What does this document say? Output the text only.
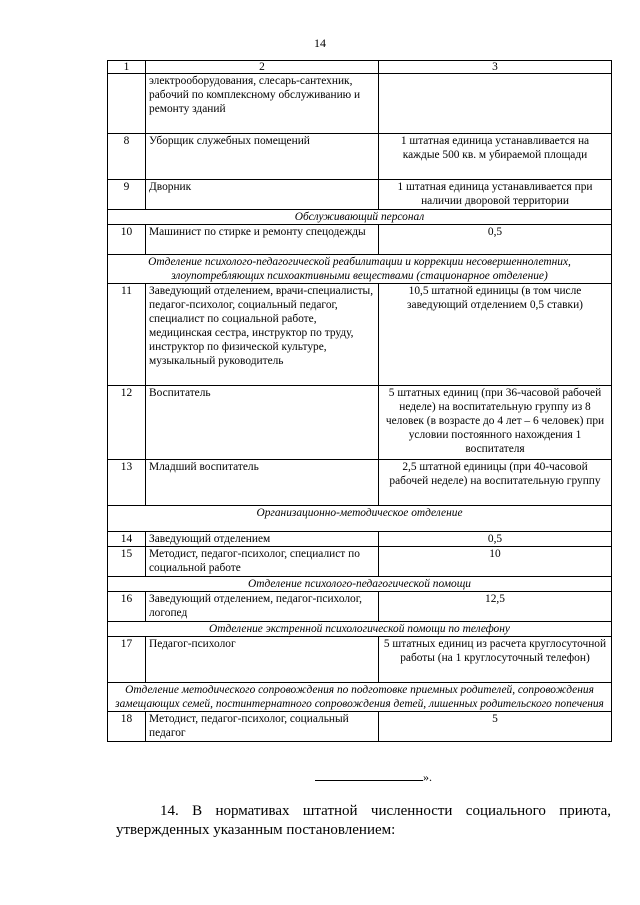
14
1	2	3
	электрооборудования, слесарь-сантехник, рабочий по комплексному обслуживанию и ремонту зданий	
8	Уборщик служебных помещений	1 штатная единица устанавливается на каждые 500 кв. м убираемой площади
9	Дворник	1 штатная единица устанавливается при наличии дворовой территории
Обслуживающий персонал		
10	Машинист по стирке и ремонту спецодежды	0,5
Отделение психолого-педагогической реабилитации и коррекции несовершеннолетних, злоупотребляющих психоактивными веществами (стационарное отделение)		
11	Заведующий отделением, врачи-специалисты, педагог-психолог, социальный педагог, специалист по социальной работе, медицинская сестра, инструктор по труду, инструктор по физической культуре, музыкальный руководитель	10,5 штатной единицы (в том числе заведующий отделением 0,5 ставки)
12	Воспитатель	5 штатных единиц (при 36-часовой рабочей неделе) на воспитательную группу из 8 человек (в возрасте до 4 лет – 6 человек) при условии постоянного нахождения 1 воспитателя
13	Младший воспитатель	2,5 штатной единицы (при 40-часовой рабочей неделе) на воспитательную группу
Организационно-методическое отделение		
14	Заведующий отделением	0,5
15	Методист, педагог-психолог, специалист по социальной работе	10
Отделение психолого-педагогической помощи		
16	Заведующий отделением, педагог-психолог, логопед	12,5
Отделение экстренной психологической помощи по телефону		
17	Педагог-психолог	5 штатных единиц из расчета круглосуточной работы (на 1 круглосуточный телефон)
Отделение методического сопровождения по подготовке приемных родителей, сопровождения замещающих семей, постинтернатного сопровождения детей, лишенных родительского попечения		
18	Методист, педагог-психолог, социальный педагог	5
».
14. В нормативах штатной численности социального приюта,
утвержденных указанным постановлением:
